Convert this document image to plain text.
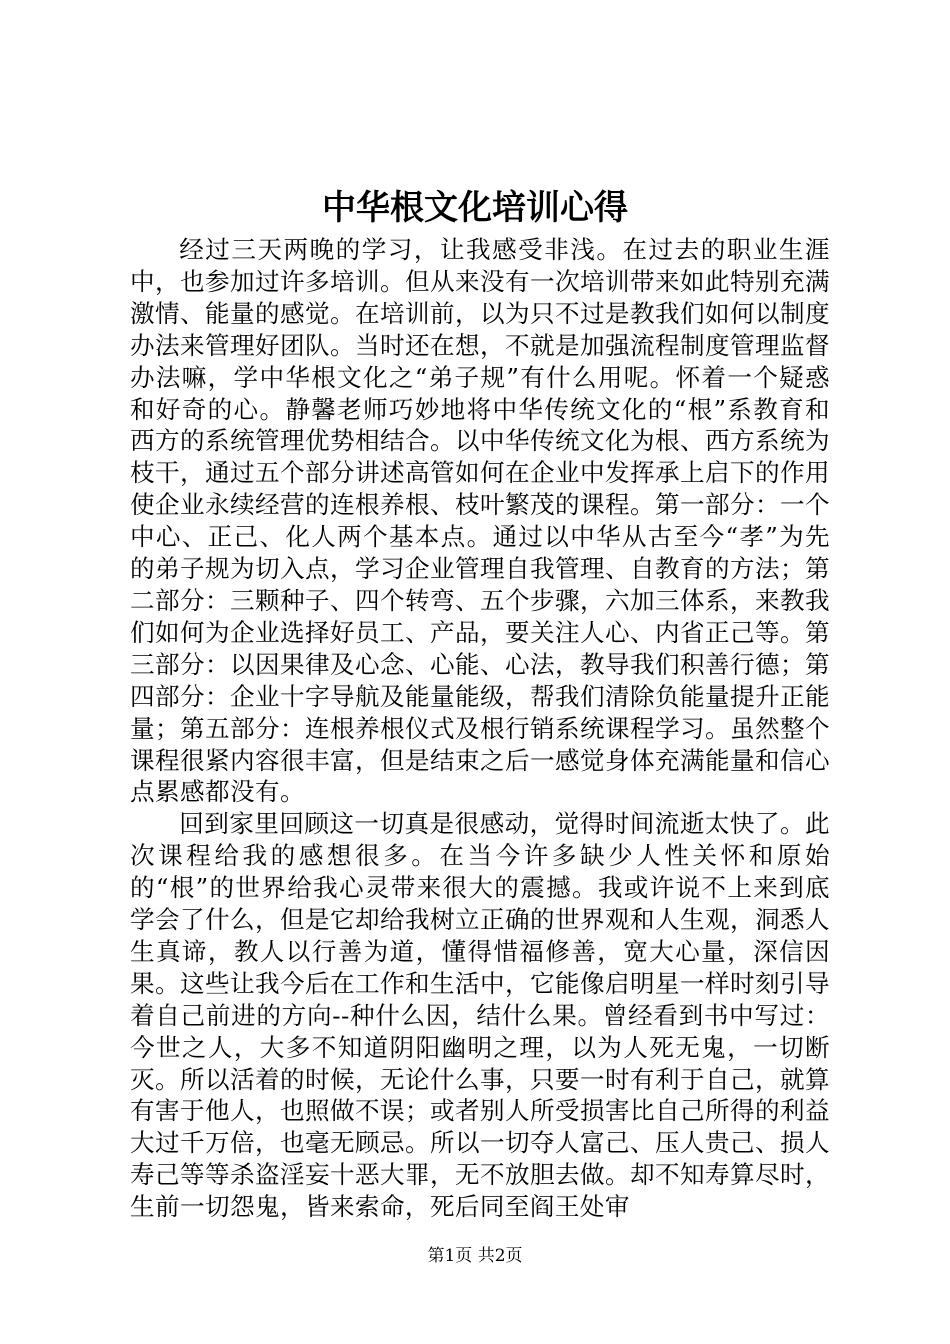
中华根文化培训心得

经过三天两晚的学习，让我感受非浅。在过去的职业生涯中，也参加过许多培训。但从来没有一次培训带来如此特别充满激情、能量的感觉。在培训前，以为只不过是教我们如何以制度办法来管理好团队。当时还在想，不就是加强流程制度管理监督办法嘛，学中华根文化之“弟子规”有什么用呢。怀着一个疑惑和好奇的心。静馨老师巧妙地将中华传统文化的“根”系教育和西方的系统管理优势相结合。以中华传统文化为根、西方系统为枝干，通过五个部分讲述高管如何在企业中发挥承上启下的作用使企业永续经营的连根养根、枝叶繁茂的课程。第一部分：一个中心、正己、化人两个基本点。通过以中华从古至今“孝”为先的弟子规为切入点，学习企业管理自我管理、自教育的方法；第二部分：三颗种子、四个转弯、五个步骤，六加三体系，来教我们如何为企业选择好员工、产品，要关注人心、内省正己等。第三部分：以因果律及心念、心能、心法，教导我们积善行德；第四部分：企业十字导航及能量能级，帮我们清除负能量提升正能量；第五部分：连根养根仪式及根行销系统课程学习。虽然整个课程很紧内容很丰富，但是结束之后一感觉身体充满能量和信心点累感都没有。

回到家里回顾这一切真是很感动，觉得时间流逝太快了。此次课程给我的感想很多。在当今许多缺少人性关怀和原始的“根”的世界给我心灵带来很大的震撼。我或许说不上来到底学会了什么，但是它却给我树立正确的世界观和人生观，洞悉人生真谛，教人以行善为道，懂得惜福修善，宽大心量，深信因果。这些让我今后在工作和生活中，它能像启明星一样时刻引导着自己前进的方向--种什么因，结什么果。曾经看到书中写过：今世之人，大多不知道阴阳幽明之理，以为人死无鬼，一切断灭。所以活着的时候，无论什么事，只要一时有利于自己，就算有害于他人，也照做不误；或者别人所受损害比自己所得的利益大过千万倍，也毫无顾忌。所以一切夺人富己、压人贵己、损人寿己等等杀盗淫妄十恶大罪，无不放胆去做。却不知寿算尽时，生前一切怨鬼，皆来索命，死后同至阎王处审

第1页 共2页
